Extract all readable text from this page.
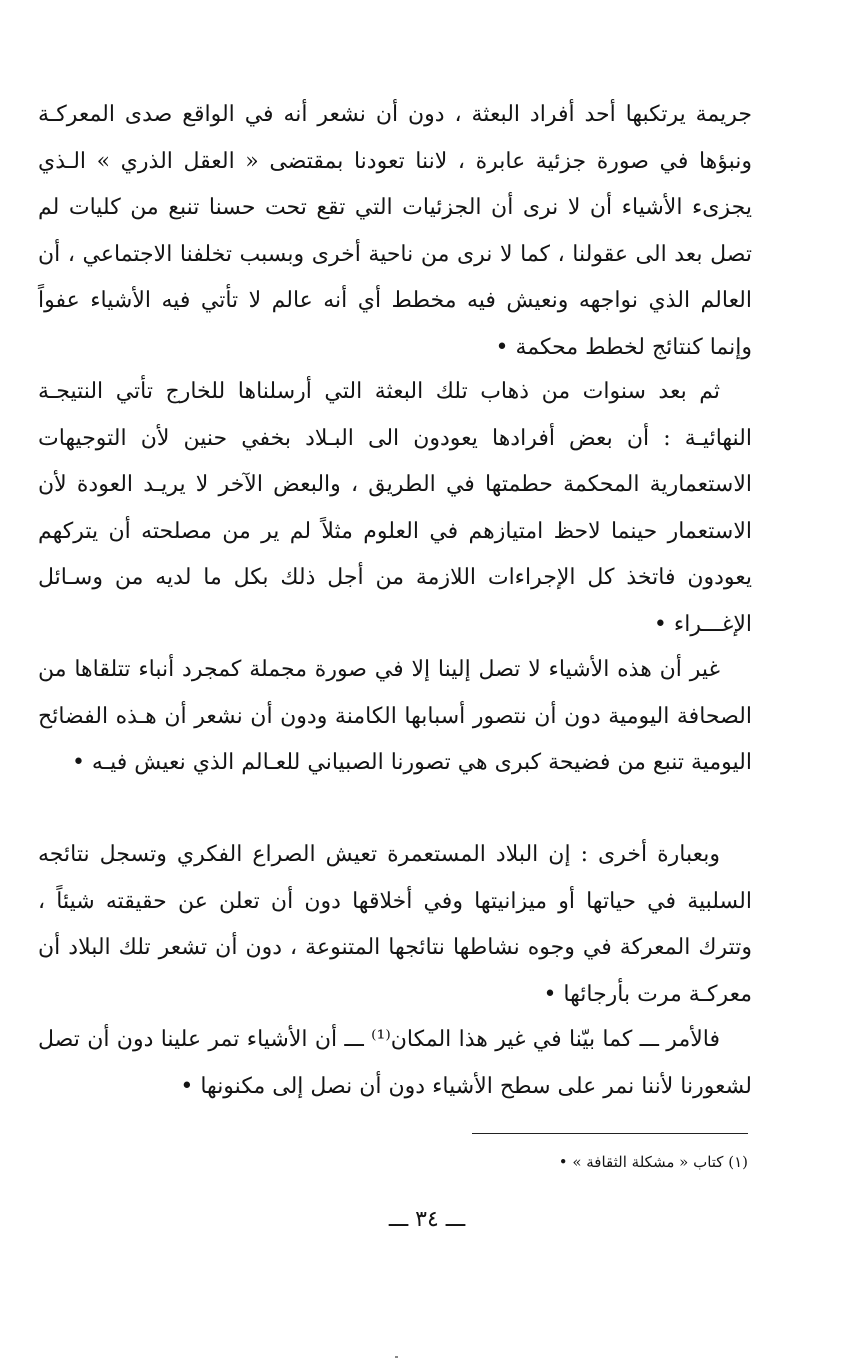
جريمة يرتكبها أحد أفراد البعثة ، دون أن نشعر أنه في الواقع صدى المعركـة ونبؤها في صورة جزئية عابرة ، لاننا تعودنا بمقتضى « العقل الذري » الـذي يجزىء الأشياء أن لا نرى أن الجزئيات التي تقع تحت حسنا تنبع من كليات لم تصل بعد الى عقولنا ، كما لا نرى من ناحية أخرى وبسبب تخلفنا الاجتماعي ، أن العالم الذي نواجهه ونعيش فيه مخطط أي أنه عالم لا تأتي فيه الأشياء عفواً وإنما كنتائج لخطط محكمة •

ثم بعد سنوات من ذهاب تلك البعثة التي أرسلناها للخارج تأتي النتيجـة النهائيـة : أن بعض أفرادها يعودون الى البـلاد بخفي حنين لأن التوجيهات الاستعمارية المحكمة حطمتها في الطريق ، والبعض الآخر لا يريـد العودة لأن الاستعمار حينما لاحظ امتيازهم في العلوم مثلاً لم ير من مصلحته أن يتركهم يعودون فاتخذ كل الإجراءات اللازمة من أجل ذلك بكل ما لديه من وسـائل الإغـــراء •

غير أن هذه الأشياء لا تصل إلينا إلا في صورة مجملة كمجرد أنباء تتلقاها من الصحافة اليومية دون أن نتصور أسبابها الكامنة ودون أن نشعر أن هـذه الفضائح اليومية تنبع من فضيحة كبرى هي تصورنا الصبياني للعـالم الذي نعيش فيـه •

وبعبارة أخرى : إن البلاد المستعمرة تعيش الصراع الفكري وتسجل نتائجه السلبية في حياتها أو ميزانيتها وفي أخلاقها دون أن تعلن عن حقيقته شيئاً ، وتترك المعركة في وجوه نشاطها نتائجها المتنوعة ، دون أن تشعر تلك البلاد أن معركـة مرت بأرجائها •

فالأمر ـــ كما بيّنا في غير هذا المكان⁽¹⁾ ـــ أن الأشياء تمر علينا دون أن تصل لشعورنا لأننا نمر على سطح الأشياء دون أن نصل إلى مكنونها •

(١) كتاب « مشكلة الثقافة » •
ـــ ٣٤ ـــ
